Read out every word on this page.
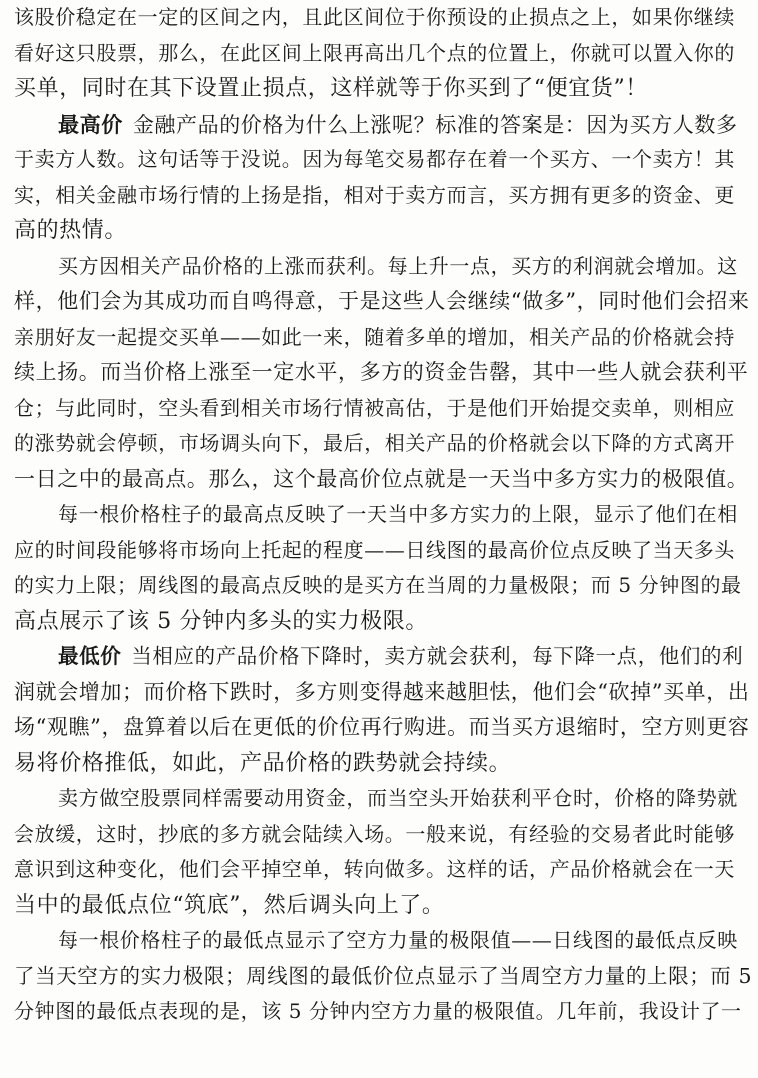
该股价稳定在一定的区间之内，且此区间位于你预设的止损点之上，如果你继续
看好这只股票，那么，在此区间上限再高出几个点的位置上，你就可以置入你的
买单，同时在其下设置止损点，这样就等于你买到了“便宜货”！
最高价 金融产品的价格为什么上涨呢？标准的答案是：因为买方人数多
于卖方人数。这句话等于没说。因为每笔交易都存在着一个买方、一个卖方！其
实，相关金融市场行情的上扬是指，相对于卖方而言，买方拥有更多的资金、更
高的热情。
买方因相关产品价格的上涨而获利。每上升一点，买方的利润就会增加。这
样，他们会为其成功而自鸣得意，于是这些人会继续“做多”，同时他们会招来
亲朋好友一起提交买单——如此一来，随着多单的增加，相关产品的价格就会持
续上扬。而当价格上涨至一定水平，多方的资金告罄，其中一些人就会获利平
仓；与此同时，空头看到相关市场行情被高估，于是他们开始提交卖单，则相应
的涨势就会停顿，市场调头向下，最后，相关产品的价格就会以下降的方式离开
一日之中的最高点。那么，这个最高价位点就是一天当中多方实力的极限值。
每一根价格柱子的最高点反映了一天当中多方实力的上限，显示了他们在相
应的时间段能够将市场向上托起的程度——日线图的最高价位点反映了当天多头
的实力上限；周线图的最高点反映的是买方在当周的力量极限；而 5 分钟图的最
高点展示了该 5 分钟内多头的实力极限。
最低价 当相应的产品价格下降时，卖方就会获利，每下降一点，他们的利
润就会增加；而价格下跌时，多方则变得越来越胆怯，他们会“砍掉”买单，出
场“观瞧”，盘算着以后在更低的价位再行购进。而当买方退缩时，空方则更容
易将价格推低，如此，产品价格的跌势就会持续。
卖方做空股票同样需要动用资金，而当空头开始获利平仓时，价格的降势就
会放缓，这时，抄底的多方就会陆续入场。一般来说，有经验的交易者此时能够
意识到这种变化，他们会平掉空单，转向做多。这样的话，产品价格就会在一天
当中的最低点位“筑底”，然后调头向上了。
每一根价格柱子的最低点显示了空方力量的极限值——日线图的最低点反映
了当天空方的实力极限；周线图的最低价位点显示了当周空方力量的上限；而 5
分钟图的最低点表现的是，该 5 分钟内空方力量的极限值。几年前，我设计了一
